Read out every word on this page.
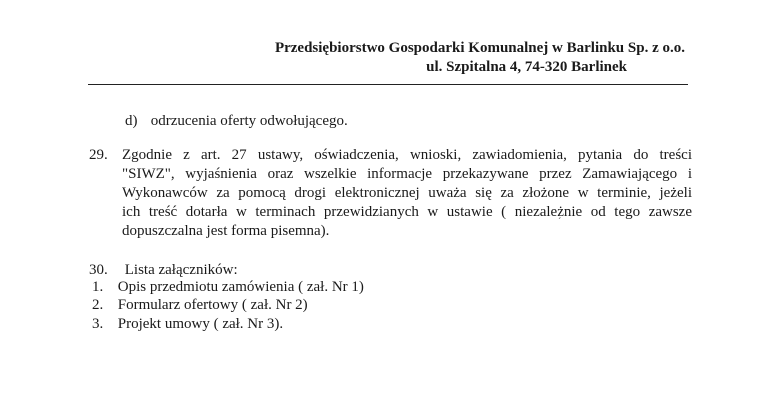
Przedsiębiorstwo Gospodarki Komunalnej w Barlinku Sp. z o.o.
ul. Szpitalna 4, 74-320 Barlinek
d) odrzucenia oferty odwołującego.
29. Zgodnie z art. 27 ustawy, oświadczenia, wnioski, zawiadomienia, pytania do treści
"SIWZ", wyjaśnienia oraz wszelkie informacje przekazywane przez Zamawiającego i
Wykonawców za pomocą drogi elektronicznej uważa się za złożone w terminie, jeżeli
ich treść dotarła w terminach przewidzianych w ustawie ( niezależnie od tego zawsze
dopuszczalna jest forma pisemna).
ˊ
30. Lista załączników:
1. Opis przedmiotu zamówienia ( zał. Nr 1)
2. Formularz ofertowy ( zał. Nr 2)
3. Projekt umowy ( zał. Nr 3).
